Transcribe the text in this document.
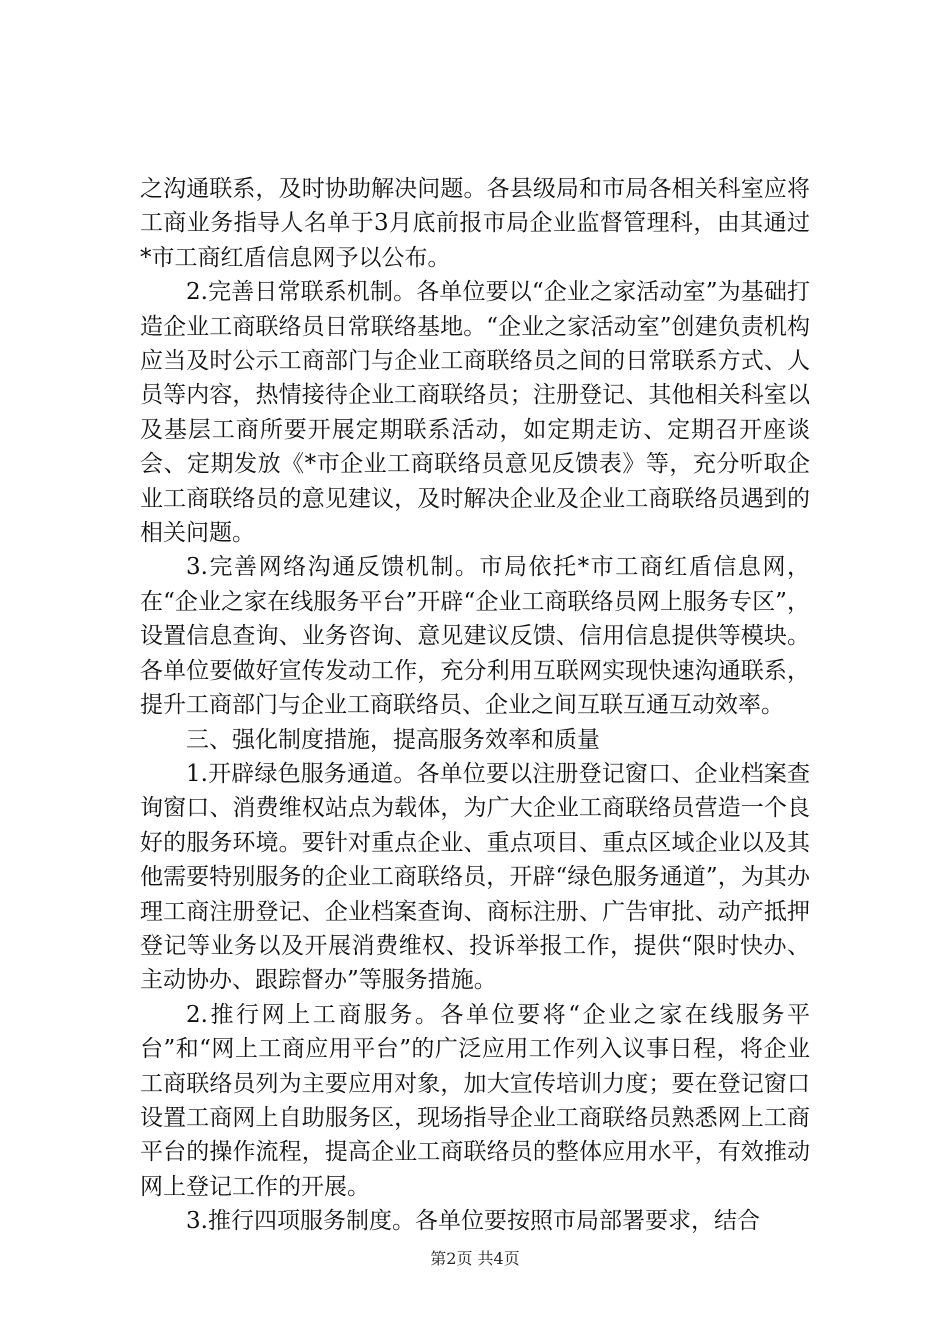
之沟通联系，及时协助解决问题。各县级局和市局各相关科室应将工商业务指导人名单于3月底前报市局企业监督管理科，由其通过*市工商红盾信息网予以公布。

2.完善日常联系机制。各单位要以“企业之家活动室”为基础打造企业工商联络员日常联络基地。“企业之家活动室”创建负责机构应当及时公示工商部门与企业工商联络员之间的日常联系方式、人员等内容，热情接待企业工商联络员；注册登记、其他相关科室以及基层工商所要开展定期联系活动，如定期走访、定期召开座谈会、定期发放《*市企业工商联络员意见反馈表》等，充分听取企业工商联络员的意见建议，及时解决企业及企业工商联络员遇到的相关问题。

3.完善网络沟通反馈机制。市局依托*市工商红盾信息网，在“企业之家在线服务平台”开辟“企业工商联络员网上服务专区”，设置信息查询、业务咨询、意见建议反馈、信用信息提供等模块。各单位要做好宣传发动工作，充分利用互联网实现快速沟通联系，提升工商部门与企业工商联络员、企业之间互联互通互动效率。

三、强化制度措施，提高服务效率和质量

1.开辟绿色服务通道。各单位要以注册登记窗口、企业档案查询窗口、消费维权站点为载体，为广大企业工商联络员营造一个良好的服务环境。要针对重点企业、重点项目、重点区域企业以及其他需要特别服务的企业工商联络员，开辟“绿色服务通道”，为其办理工商注册登记、企业档案查询、商标注册、广告审批、动产抵押登记等业务以及开展消费维权、投诉举报工作，提供“限时快办、主动协办、跟踪督办”等服务措施。

2.推行网上工商服务。各单位要将“企业之家在线服务平台”和“网上工商应用平台”的广泛应用工作列入议事日程，将企业工商联络员列为主要应用对象，加大宣传培训力度；要在登记窗口设置工商网上自助服务区，现场指导企业工商联络员熟悉网上工商平台的操作流程，提高企业工商联络员的整体应用水平，有效推动网上登记工作的开展。

3.推行四项服务制度。各单位要按照市局部署要求，结合

第2页 共4页
